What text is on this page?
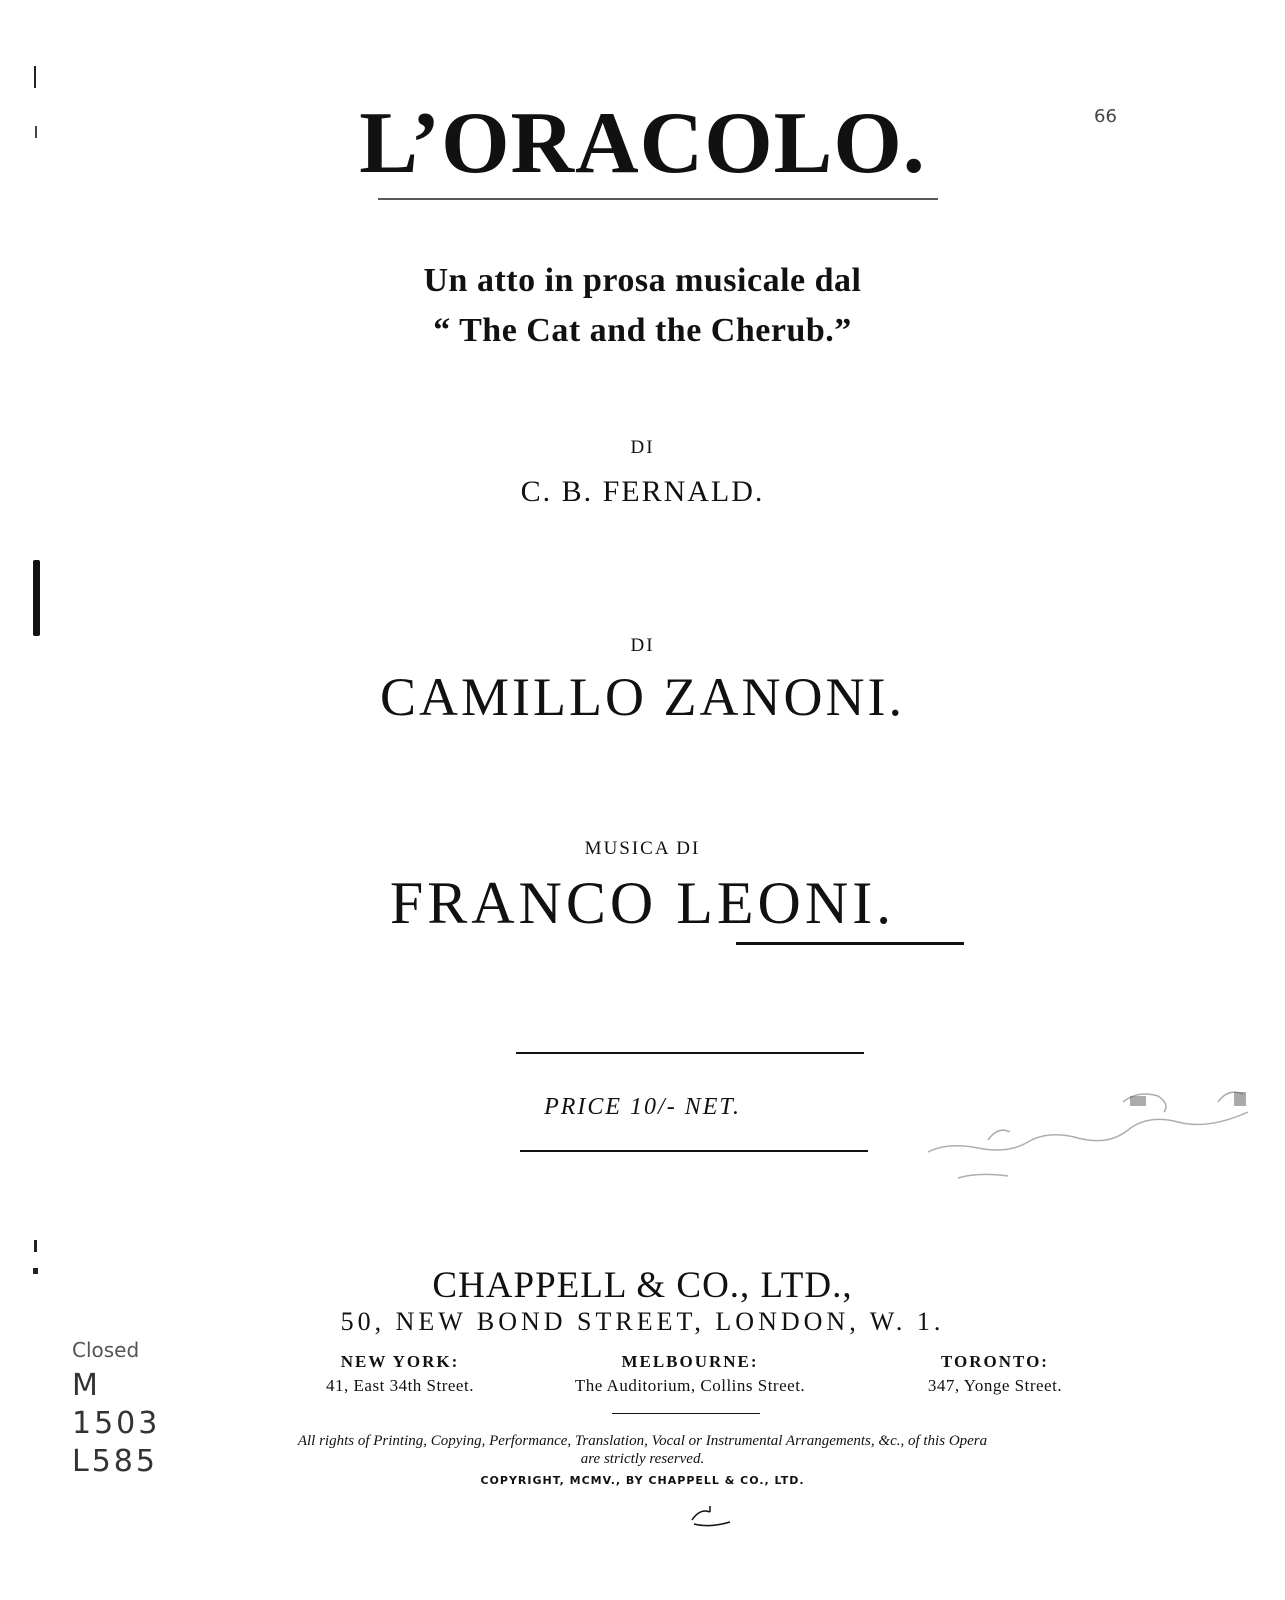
L’ORACOLO.
Un atto in prosa musicale dal
“ The Cat and the Cherub.”
DI
C. B. FERNALD.
DI
CAMILLO ZANONI.
MUSICA DI
FRANCO LEONI.
PRICE 10/- NET.
CHAPPELL & CO., LTD.,
50, NEW BOND STREET, LONDON, W. 1.
NEW YORK:
41, East 34th Street.
MELBOURNE:
The Auditorium, Collins Street.
TORONTO:
347, Yonge Street.
All rights of Printing, Copying, Performance, Translation, Vocal or Instrumental Arrangements, &c., of this Opera
are strictly reserved.
COPYRIGHT, MCMV., BY CHAPPELL & CO., LTD.
Closed
M
1503
L585
66
